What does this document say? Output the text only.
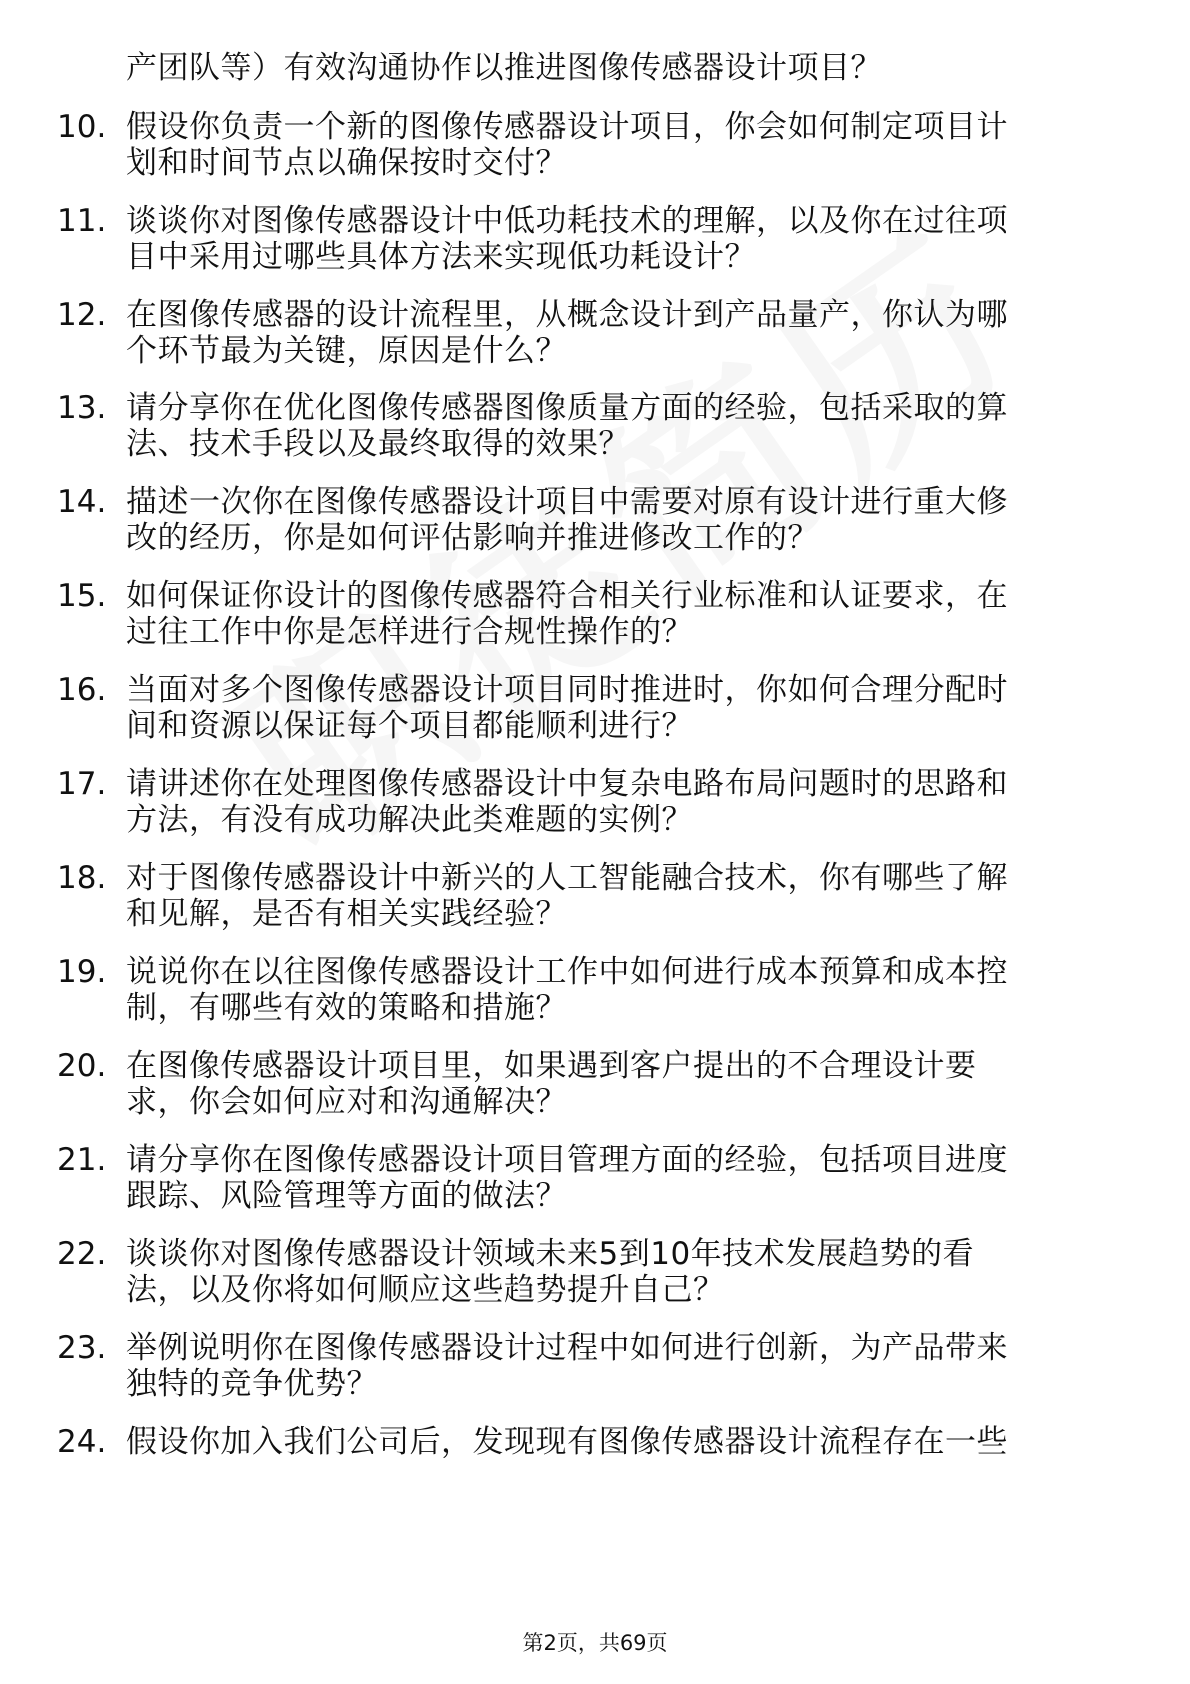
产团队等）有效沟通协作以推进图像传感器设计项目？
10. 假设你负责一个新的图像传感器设计项目，你会如何制定项目计
划和时间节点以确保按时交付？
11. 谈谈你对图像传感器设计中低功耗技术的理解，以及你在过往项
目中采用过哪些具体方法来实现低功耗设计？
12. 在图像传感器的设计流程里，从概念设计到产品量产，你认为哪
个环节最为关键，原因是什么？
13. 请分享你在优化图像传感器图像质量方面的经验，包括采取的算
法、技术手段以及最终取得的效果？
14. 描述一次你在图像传感器设计项目中需要对原有设计进行重大修
改的经历，你是如何评估影响并推进修改工作的？
15. 如何保证你设计的图像传感器符合相关行业标准和认证要求，在
过往工作中你是怎样进行合规性操作的？
16. 当面对多个图像传感器设计项目同时推进时，你如何合理分配时
间和资源以保证每个项目都能顺利进行？
17. 请讲述你在处理图像传感器设计中复杂电路布局问题时的思路和
方法，有没有成功解决此类难题的实例？
18. 对于图像传感器设计中新兴的人工智能融合技术，你有哪些了解
和见解，是否有相关实践经验？
19. 说说你在以往图像传感器设计工作中如何进行成本预算和成本控
制，有哪些有效的策略和措施？
20. 在图像传感器设计项目里，如果遇到客户提出的不合理设计要
求，你会如何应对和沟通解决？
21. 请分享你在图像传感器设计项目管理方面的经验，包括项目进度
跟踪、风险管理等方面的做法？
22. 谈谈你对图像传感器设计领域未来5到10年技术发展趋势的看
法，以及你将如何顺应这些趋势提升自己？
23. 举例说明你在图像传感器设计过程中如何进行创新，为产品带来
独特的竞争优势？
24. 假设你加入我们公司后，发现现有图像传感器设计流程存在一些
第2页，共69页
